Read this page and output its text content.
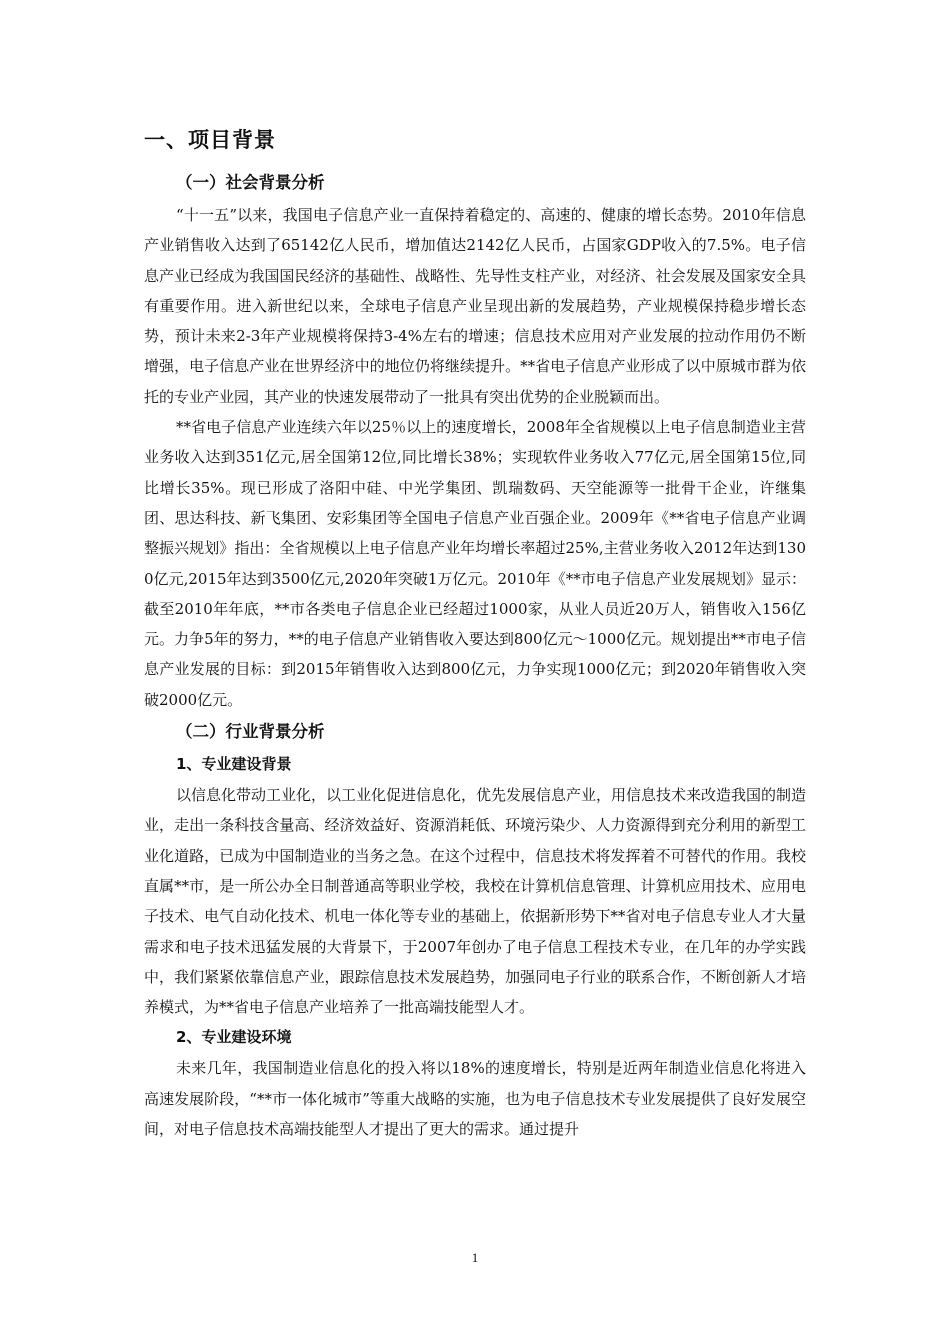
一、项目背景
（一）社会背景分析

“十一五”以来，我国电子信息产业一直保持着稳定的、高速的、健康的增长态势。2010年信息产业销售收入达到了65142亿人民币，增加值达2142亿人民币，占国家GDP收入的7.5%。电子信息产业已经成为我国国民经济的基础性、战略性、先导性支柱产业，对经济、社会发展及国家安全具有重要作用。进入新世纪以来，全球电子信息产业呈现出新的发展趋势，产业规模保持稳步增长态势，预计未来2-3年产业规模将保持3-4%左右的增速；信息技术应用对产业发展的拉动作用仍不断增强，电子信息产业在世界经济中的地位仍将继续提升。**省电子信息产业形成了以中原城市群为依托的专业产业园，其产业的快速发展带动了一批具有突出优势的企业脱颖而出。

**省电子信息产业连续六年以25％以上的速度增长，2008年全省规模以上电子信息制造业主营业务收入达到351亿元,居全国第12位,同比增长38%；实现软件业务收入77亿元,居全国第15位,同比增长35%。现已形成了洛阳中硅、中光学集团、凯瑞数码、天空能源等一批骨干企业，许继集团、思达科技、新飞集团、安彩集团等全国电子信息产业百强企业。2009年《**省电子信息产业调整振兴规划》指出：全省规模以上电子信息产业年均增长率超过25%,主营业务收入2012年达到1300亿元,2015年达到3500亿元,2020年突破1万亿元。2010年《**市电子信息产业发展规划》显示：截至2010年年底，**市各类电子信息企业已经超过1000家，从业人员近20万人，销售收入156亿元。力争5年的努力，**的电子信息产业销售收入要达到800亿元～1000亿元。规划提出**市电子信息产业发展的目标：到2015年销售收入达到800亿元，力争实现1000亿元；到2020年销售收入突破2000亿元。

（二）行业背景分析
1、专业建设背景

以信息化带动工业化，以工业化促进信息化，优先发展信息产业，用信息技术来改造我国的制造业，走出一条科技含量高、经济效益好、资源消耗低、环境污染少、人力资源得到充分利用的新型工业化道路，已成为中国制造业的当务之急。在这个过程中，信息技术将发挥着不可替代的作用。我校直属**市，是一所公办全日制普通高等职业学校，我校在计算机信息管理、计算机应用技术、应用电子技术、电气自动化技术、机电一体化等专业的基础上，依据新形势下**省对电子信息专业人才大量需求和电子技术迅猛发展的大背景下，于2007年创办了电子信息工程技术专业，在几年的办学实践中，我们紧紧依靠信息产业，跟踪信息技术发展趋势，加强同电子行业的联系合作，不断创新人才培养模式，为**省电子信息产业培养了一批高端技能型人才。

2、专业建设环境

未来几年，我国制造业信息化的投入将以18%的速度增长，特别是近两年制造业信息化将进入高速发展阶段，“**市一体化城市”等重大战略的实施，也为电子信息技术专业发展提供了良好发展空间，对电子信息技术高端技能型人才提出了更大的需求。通过提升

1
